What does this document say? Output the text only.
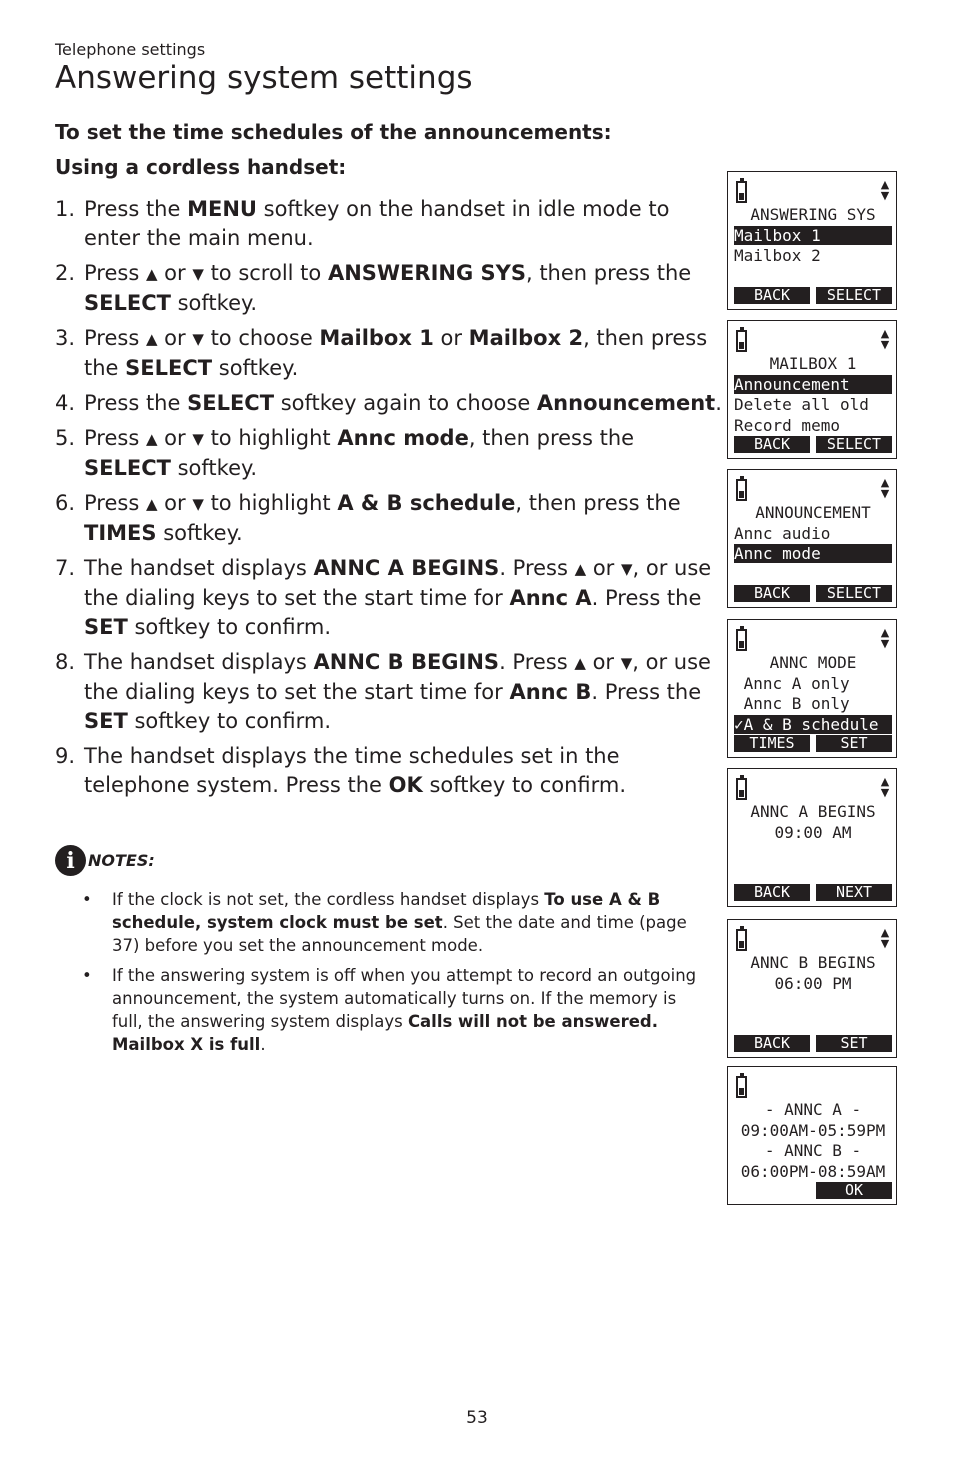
Telephone settings
Answering system settings
To set the time schedules of the announcements:
Using a cordless handset:
1. Press the MENU softkey on the handset in idle mode to enter the main menu.
2. Press ▲ or ▼ to scroll to ANSWERING SYS, then press the SELECT softkey.
3. Press ▲ or ▼ to choose Mailbox 1 or Mailbox 2, then press the SELECT softkey.
4. Press the SELECT softkey again to choose Announcement.
5. Press ▲ or ▼ to highlight Annc mode, then press the SELECT softkey.
6. Press ▲ or ▼ to highlight A & B schedule, then press the TIMES softkey.
7. The handset displays ANNC A BEGINS. Press ▲ or ▼, or use the dialing keys to set the start time for Annc A. Press the SET softkey to confirm.
8. The handset displays ANNC B BEGINS. Press ▲ or ▼, or use the dialing keys to set the start time for Annc B. Press the SET softkey to confirm.
9. The handset displays the time schedules set in the telephone system. Press the OK softkey to confirm.
i NOTES:
•	If the clock is not set, the cordless handset displays To use A & B schedule, system clock must be set. Set the date and time (page 37) before you set the announcement mode.
•	If the answering system is off when you attempt to record an outgoing announcement, the system automatically turns on. If the memory is full, the answering system displays Calls will not be answered. Mailbox X is full.
▲
▼
ANSWERING SYS
Mailbox 1
Mailbox 2
BACK	SELECT
▲
▼
MAILBOX 1
Announcement
Delete all old
Record memo
BACK	SELECT
▲
▼
ANNOUNCEMENT
Annc audio
Annc mode
BACK	SELECT
▲
▼
ANNC MODE
Annc A only
Annc B only
✓A & B schedule
TIMES	SET
▲
▼
ANNC A BEGINS
09:00 AM
BACK	NEXT
▲
▼
ANNC B BEGINS
06:00 PM
BACK	SET
- ANNC A -
09:00AM-05:59PM
- ANNC B -
06:00PM-08:59AM
OK
53
